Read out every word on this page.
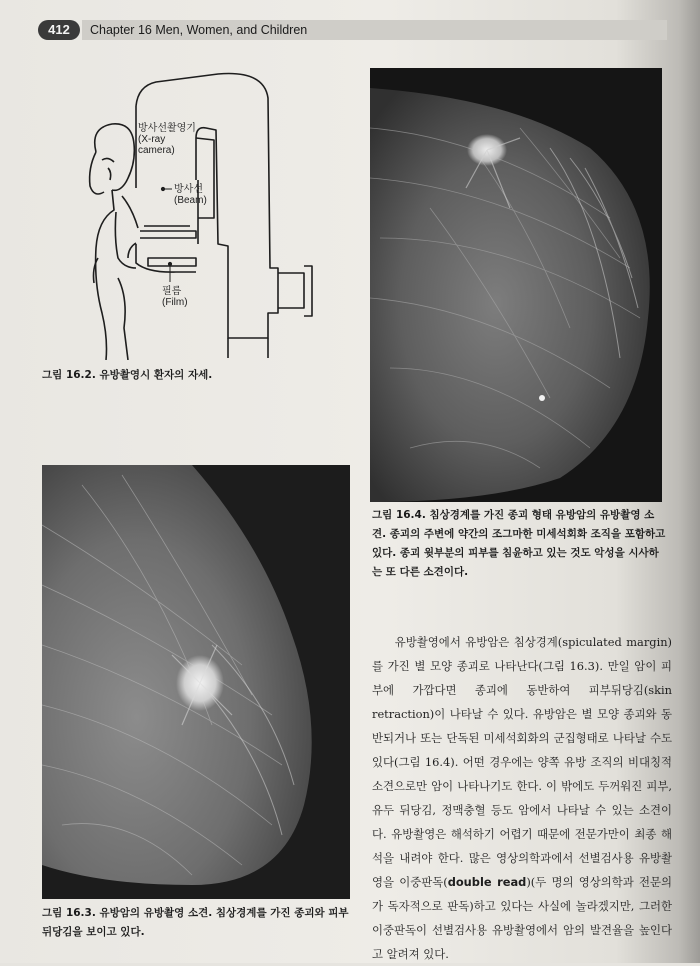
412	Chapter 16 Men, Women, and Children
방사선촬영기
(X-ray
camera)
방사선
(Beam)
필름
(Film)
그림 16.2. 유방촬영시 환자의 자세.
그림 16.4. 침상경계를 가진 종괴 형태 유방암의 유방촬영 소견. 종괴의 주변에 약간의 조그마한 미세석회화 조직을 포함하고 있다. 종괴 윗부분의 피부를 침윤하고 있는 것도 악성을 시사하는 또 다른 소견이다.
그림 16.3. 유방암의 유방촬영 소견. 침상경계를 가진 종괴와 피부 뒤당김을 보이고 있다.
유방촬영에서 유방암은 침상경계(spiculated margin)를 가진 별 모양 종괴로 나타난다(그림 16.3). 만일 암이 피부에 가깝다면 종괴에 동반하여 피부뒤당김(skin retraction)이 나타날 수 있다. 유방암은 별 모양 종괴와 동반되거나 또는 단독된 미세석회화의 군집형태로 나타날 수도 있다(그림 16.4). 어떤 경우에는 양쪽 유방 조직의 비대칭적 소견으로만 암이 나타나기도 한다. 이 밖에도 두꺼워진 피부, 유두 뒤당김, 정맥충혈 등도 암에서 나타날 수 있는 소견이다. 유방촬영은 해석하기 어렵기 때문에 전문가만이 최종 해석을 내려야 한다. 많은 영상의학과에서 선별검사용 유방촬영을 이중판독(double read)(두 명의 영상의학과 전문의가 독자적으로 판독)하고 있다는 사실에 놀라겠지만, 그러한 이중판독이 선별검사용 유방촬영에서 암의 발견율을 높인다고 알려져 있다.
